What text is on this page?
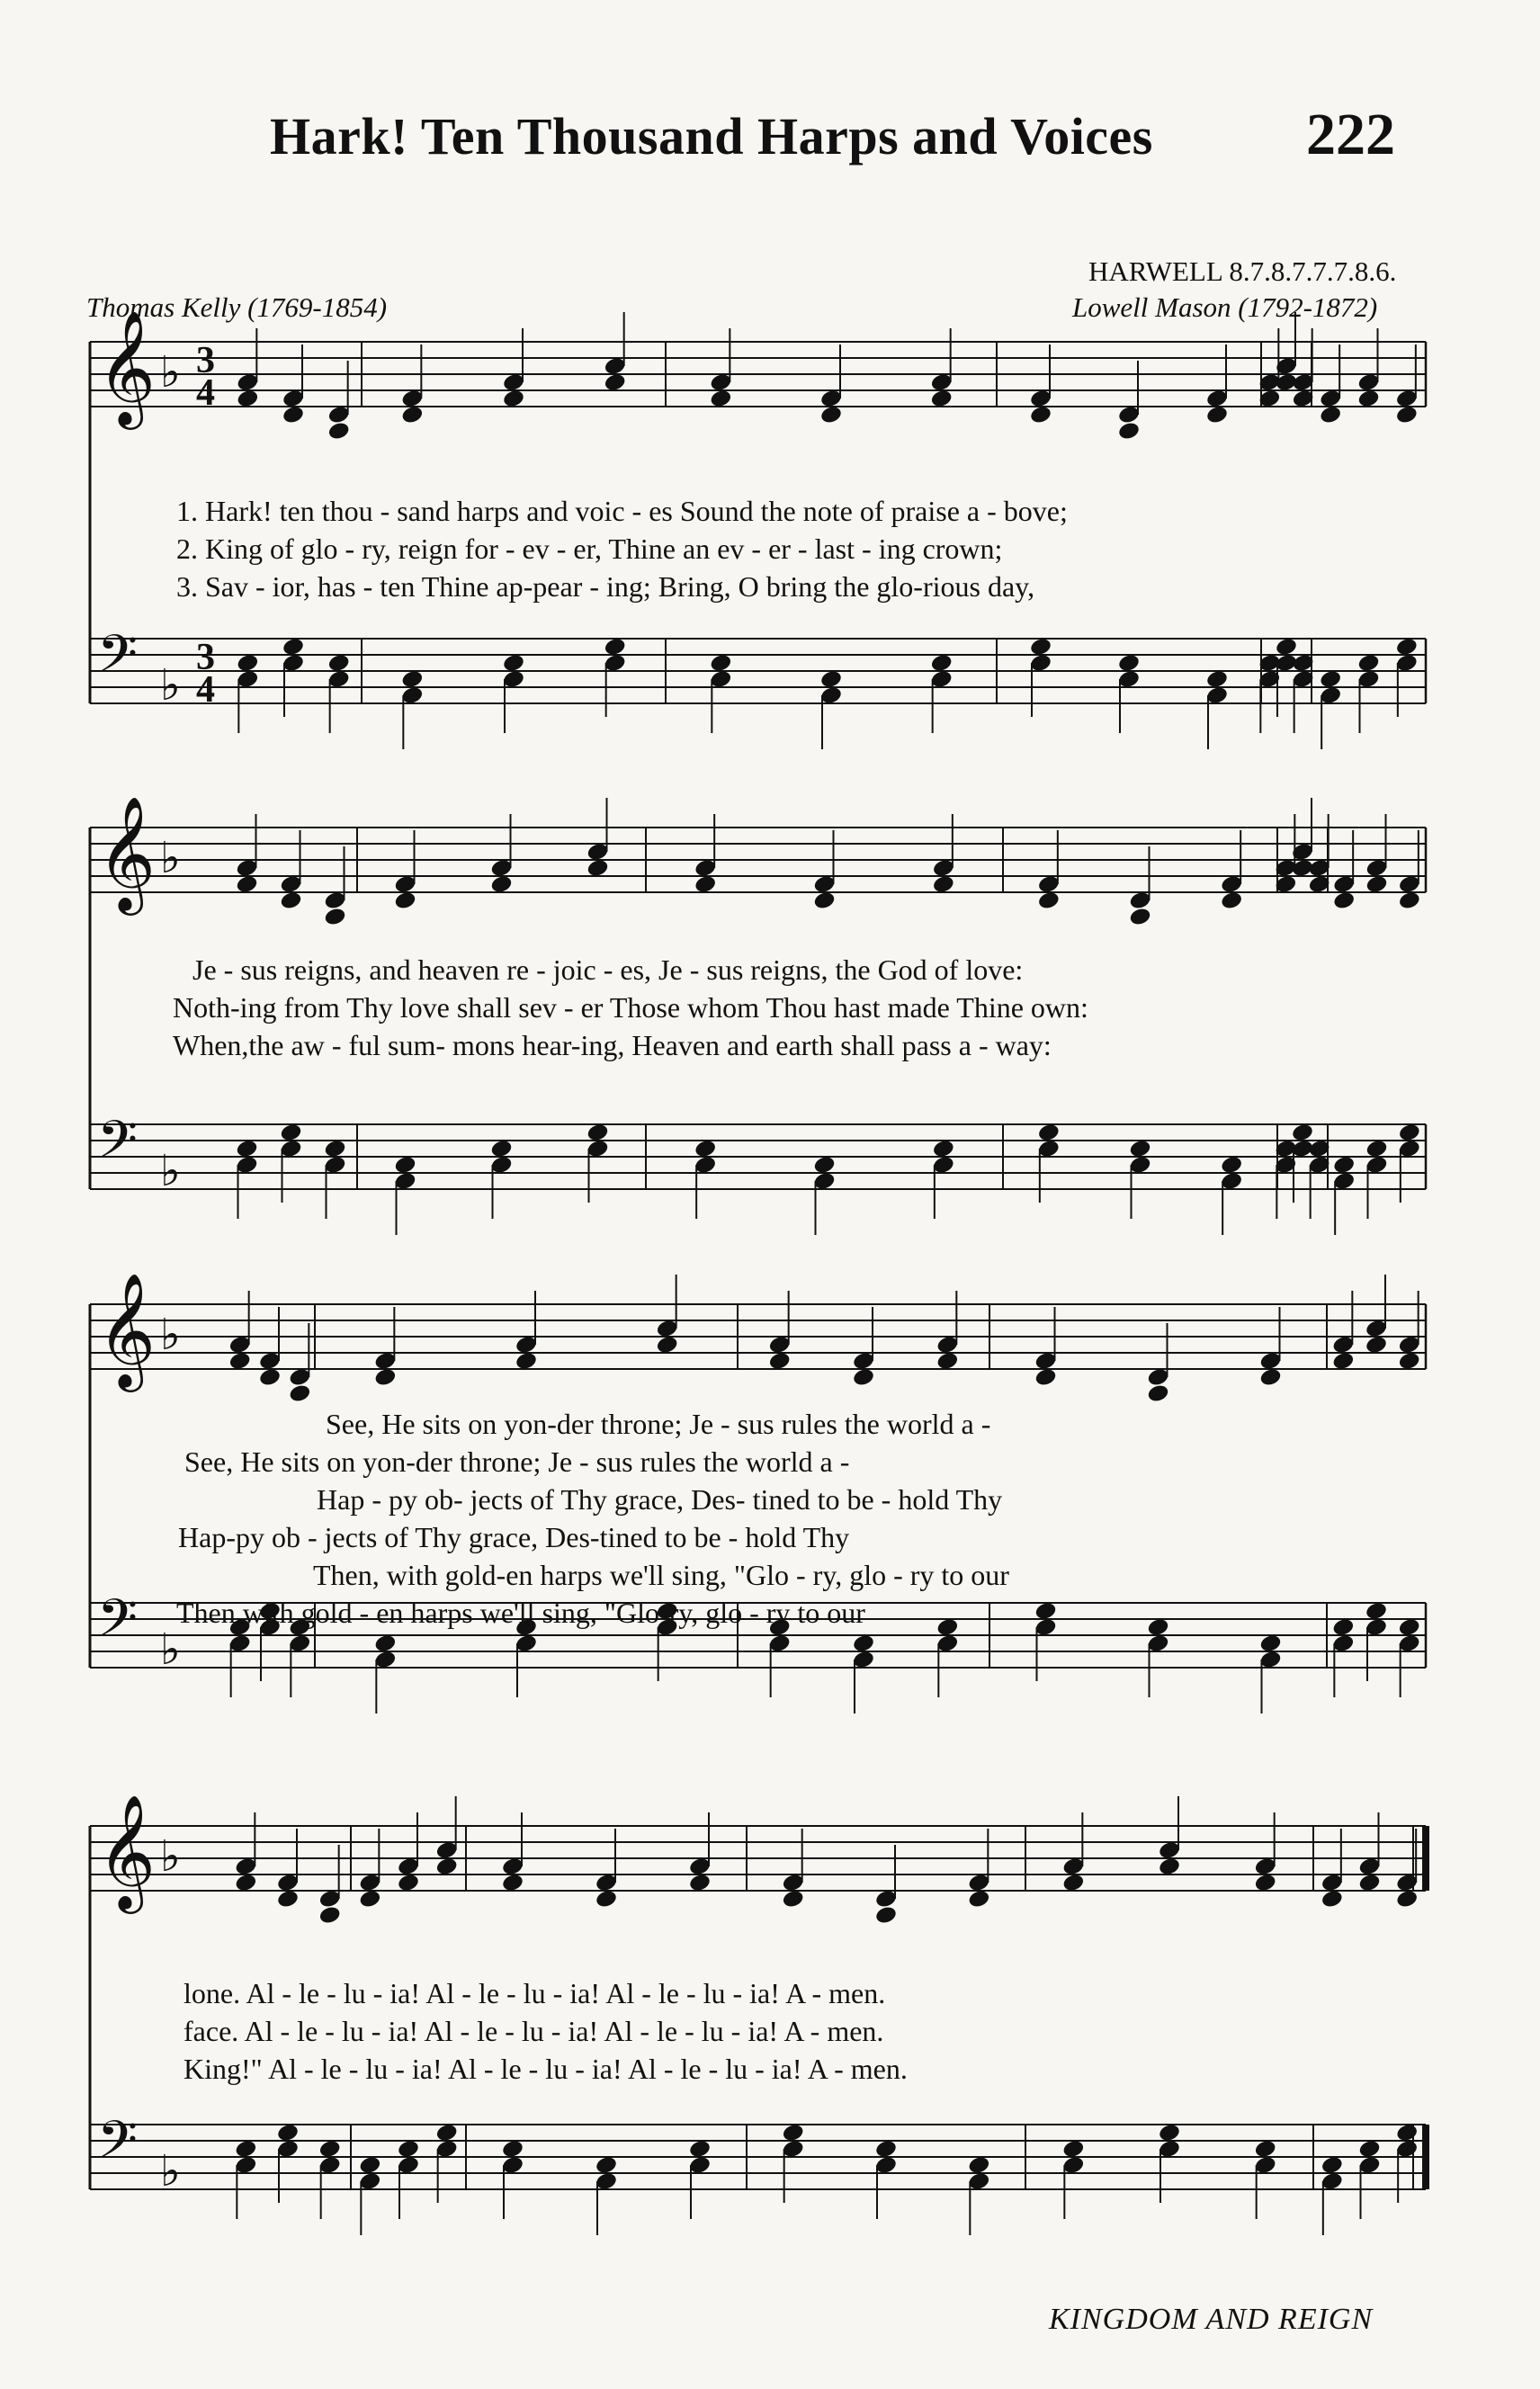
Hark! Ten Thousand Harps and Voices	222
HARWELL 8.7.8.7.7.7.8.6.
Thomas Kelly (1769-1854)	Lowell Mason (1792-1872)
𝄞 ♭ 3
4
𝄢 ♭
3
4
1. Hark! ten thou - sand harps and voic - es Sound the note of praise a - bove;
2. King of glo - ry, reign for - ev - er, Thine an ev - er - last - ing crown;
3. Sav - ior, has - ten Thine ap-pear - ing; Bring, O bring the glo-rious day,
𝄞 ♭
𝄢 ♭
Je - sus reigns, and heaven re - joic - es, Je - sus reigns, the God of love:
Noth-ing from Thy love shall sev - er Those whom Thou hast made Thine own:
When,the aw - ful sum- mons hear-ing, Heaven and earth shall pass a - way:
𝄞 ♭
𝄢 ♭
See, He sits on yon-der throne; Je - sus rules the world a -
See, He sits on yon-der throne; Je - sus rules the world a -
Hap - py ob- jects of Thy grace, Des- tined to be - hold Thy
Hap-py ob - jects of Thy grace, Des-tined to be - hold Thy
Then, with gold-en harps we'll sing, "Glo - ry, glo - ry to our
Then,with gold - en harps we'll sing, "Glo-ry, glo - ry to our
𝄞 ♭
𝄢 ♭
lone. Al - le - lu - ia! Al - le - lu - ia! Al - le - lu - ia! A - men.
face. Al - le - lu - ia! Al - le - lu - ia! Al - le - lu - ia! A - men.
King!" Al - le - lu - ia! Al - le - lu - ia! Al - le - lu - ia! A - men.
KINGDOM AND REIGN
